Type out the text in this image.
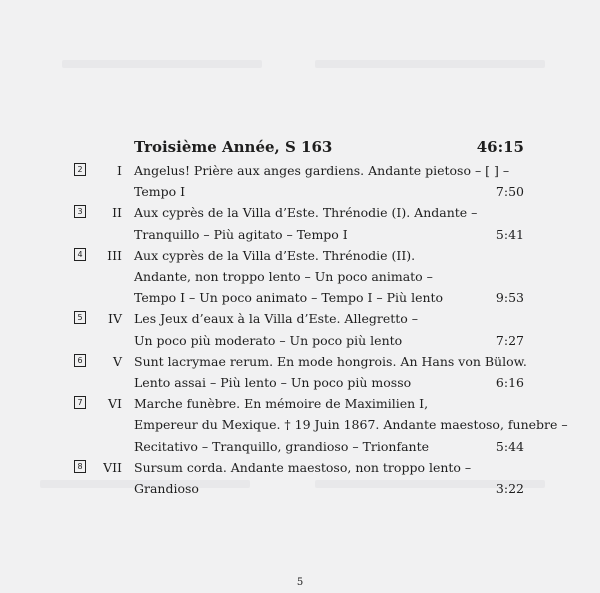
Troisième Année, S 163	46:15
2	I Angelus! Prière aux anges gardiens. Andante pietoso – [ ] –
Tempo I	7:50
3	II Aux cyprès de la Villa d’Este. Thrénodie (I). Andante –
Tranquillo – Più agitato – Tempo I	5:41
4	III Aux cyprès de la Villa d’Este. Thrénodie (II).
Andante, non troppo lento – Un poco animato –
Tempo I – Un poco animato – Tempo I – Più lento	9:53
5	IV Les Jeux d’eaux à la Villa d’Este. Allegretto –
Un poco più moderato – Un poco più lento	7:27
6	V Sunt lacrymae rerum. En mode hongrois. An Hans von Bülow.
Lento assai – Più lento – Un poco più mosso	6:16
7	VI Marche funèbre. En mémoire de Maximilien I,
Empereur du Mexique. † 19 Juin 1867. Andante maestoso, funebre –
Recitativo – Tranquillo, grandioso – Trionfante	5:44
8	VII Sursum corda. Andante maestoso, non troppo lento –
Grandioso	3:22
5
